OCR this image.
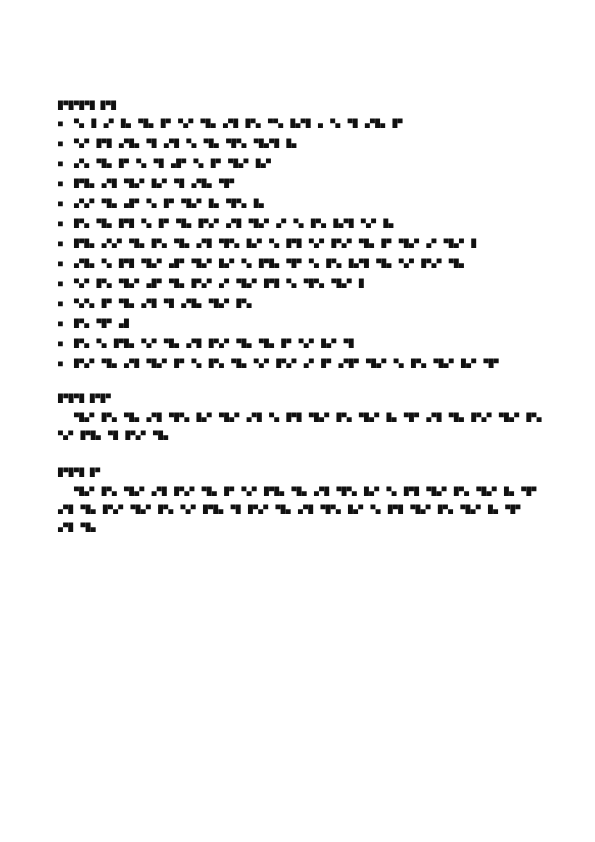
█▀█▀█▀█ █▀█
■ ▀▄ █ ▄▀ █▄ ▀█▄ █▀ ▀▄▀ ▀█▄ ▄▀█ █▀▄ ▀▀▄ █▄▀█ ▄ ▀▄ ▀█ ▄▀█▄ █▀
■ ▀▄▀ █▀█ ▄▀█▄ ▀█ ▄▀█ ▀▄ ▀█▄ ▀█▀▄ ▀█▄▀█ █▄
■ ▄▀▄ ▀█▄ █▀ ▀▄ ▀█ ▄█▀ ▀▄ █▀ ▀█▄▀ █▄▀
■ █▀█▄ ▄▀█ ▀█▄▀ █▄▀ ▀█ ▄▀█▄ ▀█▀
■ ▄▀▄▀ ▀█▄ ▄█▀ ▀▄ █▀ ▀█▄▀ █▄ ▀█▀▄ █▄
■ █▀▄ ▀█▄ █▀█ ▀▄ █▀ ▀█▄ █▀▄▀ ▄▀█ ▀█▄▀ ▄▀ ▀▄ █▀▄ █▄▀█ ▀▄▀ █▄
■ █▀█▄ ▄▀▄▀ ▀█▄ █▀▄ ▀█▄ ▄▀█ ▀█▀▄ █▄▀ ▀▄ █▀█ ▀▄▀ █▀▄▀ ▀█▄ █▀ ▀█▄▀ ▄▀ ▀█▄▀ █
■ ▄▀█▄ ▀▄ █▀█ ▀█▄▀ ▄█▀ ▀█▄▀ █▄▀ ▀▄ █▀█▄ ▀█▀ ▀▄ █▀▄ █▄▀█ ▀█▄ ▀▄▀ █▀▄▀ ▀█▄
■ ▀▄▀ █▀▄ ▀█▄▀ ▄█▀ ▀█▄ █▀▄▀ ▄▀ ▀█▄▀ █▀█ ▀▄ ▀█▀▄ ▀█▄▀ █
■ ▀▄▀▄ █▀ ▀█▄ ▄▀█ ▀█ ▄▀█▄ ▀█▄▀ █▀▄
■ █▀▄ ▀█▀ ▄█
■ █▀▄ ▀▄ █▀█▄ ▀▄▀ ▀█▄ ▄▀█ █▀▄▀ ▀█▄ ▀█▄ █▀ ▀▄▀ █▄▀ ▀█
■ █▀▄▀ ▀█▄ ▄▀█ ▀█▄▀ █▀ ▀▄ █▀▄ ▀█▄ ▀▄▀ █▀▄▀ ▄▀ █▀ ▄▀█▀ ▀█▄▀ ▀▄ █▀▄ ▀█▄▀ █▄▀ ▀█▀
█▀█▀█ █▀█▀

▀█▄▀ █▀▄ ▀█▄ ▄▀█ ▀█▀▄ █▄▀ ▀█▄▀ ▄▀█ ▀▄ █▀█ ▀█▄▀ █▀▄ ▀█▄▀ █▄ ▀█▀ ▄▀█ ▀█▄ █▀▄▀ ▀█▄▀ █▀▄ ▀▄▀ █▀█▄ ▀█ █▀▄▀ ▀█▄

█▀█▀█ █▀

▀█▄▀ █▀▄ ▀█▄▀ ▄▀█ █▀▄▀ ▀█▄ █▀ ▀▄▀ █▀█▄ ▀█▄ ▄▀█ ▀█▀▄ █▄▀ ▀▄ █▀█ ▀█▄▀ █▀▄ ▀█▄▀ █▄ ▀█▀ ▄▀█ ▀█▄ █▀▄▀ ▀█▄▀ █▀▄ ▀▄▀ █▀█▄ ▀█ █▀▄▀ ▀█▄ ▄▀█ ▀█▀▄ █▄▀ ▀▄ █▀█ ▀█▄▀ █▀▄ ▀█▄▀ █▄ ▀█▀ ▄▀█ ▀█▄
